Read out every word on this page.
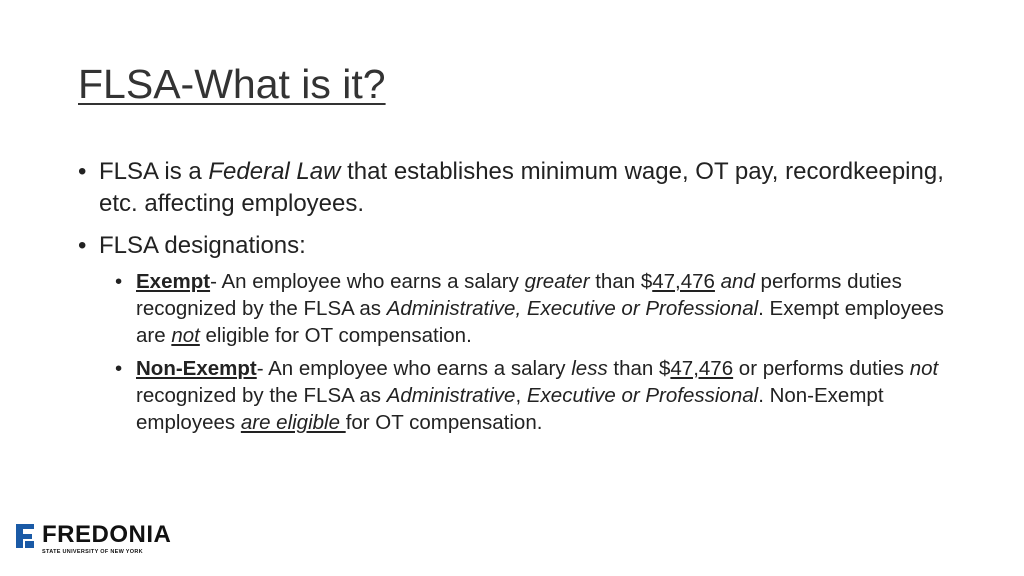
FLSA-What is it?
• FLSA is a Federal Law that establishes minimum wage, OT pay, recordkeeping, etc. affecting employees.
• FLSA designations:
• Exempt- An employee who earns a salary greater than $47,476 and performs duties recognized by the FLSA as Administrative, Executive or Professional. Exempt employees are not eligible for OT compensation.
• Non-Exempt- An employee who earns a salary less than $47,476 or performs duties not recognized by the FLSA as Administrative, Executive or Professional. Non-Exempt employees are eligible for OT compensation.
FREDONIA
STATE UNIVERSITY OF NEW YORK
